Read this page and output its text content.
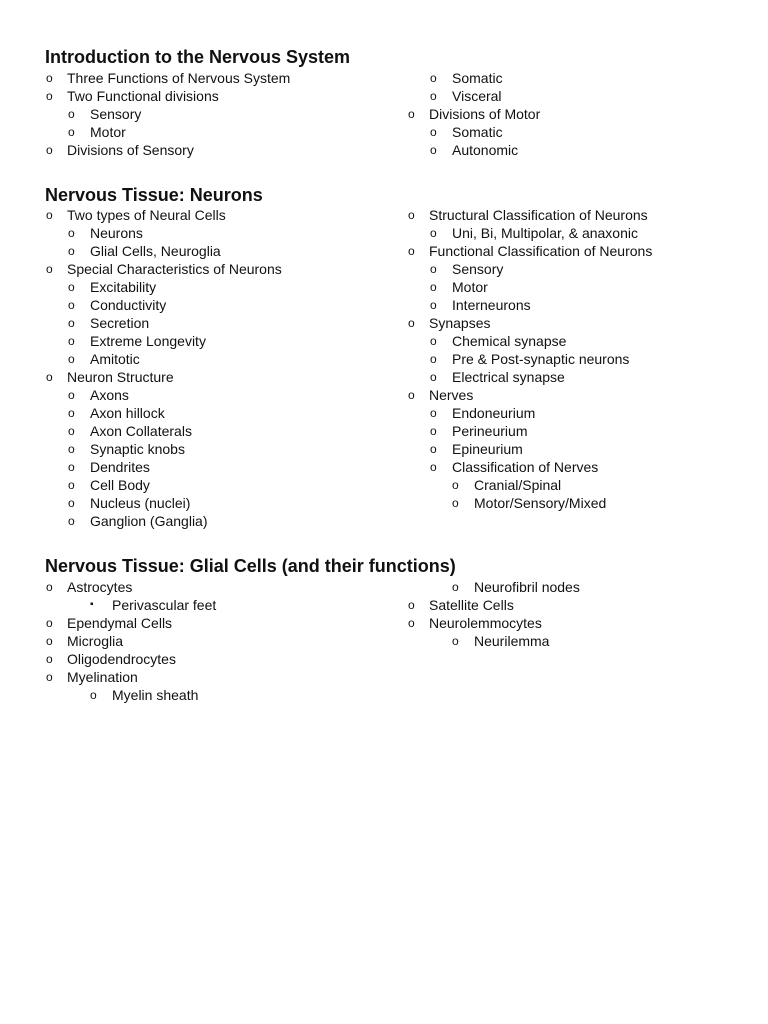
Introduction to the Nervous System
o	Three Functions of Nervous System
o	Two Functional divisions
o	Sensory
o	Motor
o	Divisions of Sensory
o	Somatic
o	Visceral
o	Divisions of Motor
o	Somatic
o	Autonomic
Nervous Tissue: Neurons
o	Two types of Neural Cells
o	Neurons
o	Glial Cells, Neuroglia
o	Special Characteristics of Neurons
o	Excitability
o	Conductivity
o	Secretion
o	Extreme Longevity
o	Amitotic
o	Neuron Structure
o	Axons
o	Axon hillock
o	Axon Collaterals
o	Synaptic knobs
o	Dendrites
o	Cell Body
o	Nucleus (nuclei)
o	Ganglion (Ganglia)
o	Structural Classification of Neurons
o	Uni, Bi, Multipolar, & anaxonic
o	Functional Classification of Neurons
o	Sensory
o	Motor
o	Interneurons
o	Synapses
o	Chemical synapse
o	Pre & Post-synaptic neurons
o	Electrical synapse
o	Nerves
o	Endoneurium
o	Perineurium
o	Epineurium
o	Classification of Nerves
o	Cranial/Spinal
o	Motor/Sensory/Mixed
Nervous Tissue: Glial Cells (and their functions)
o	Astrocytes
▪	Perivascular feet
o	Ependymal Cells
o	Microglia
o	Oligodendrocytes
o	Myelination
o	Myelin sheath
o	Neurofibril nodes
o	Satellite Cells
o	Neurolemmocytes
o	Neurilemma
